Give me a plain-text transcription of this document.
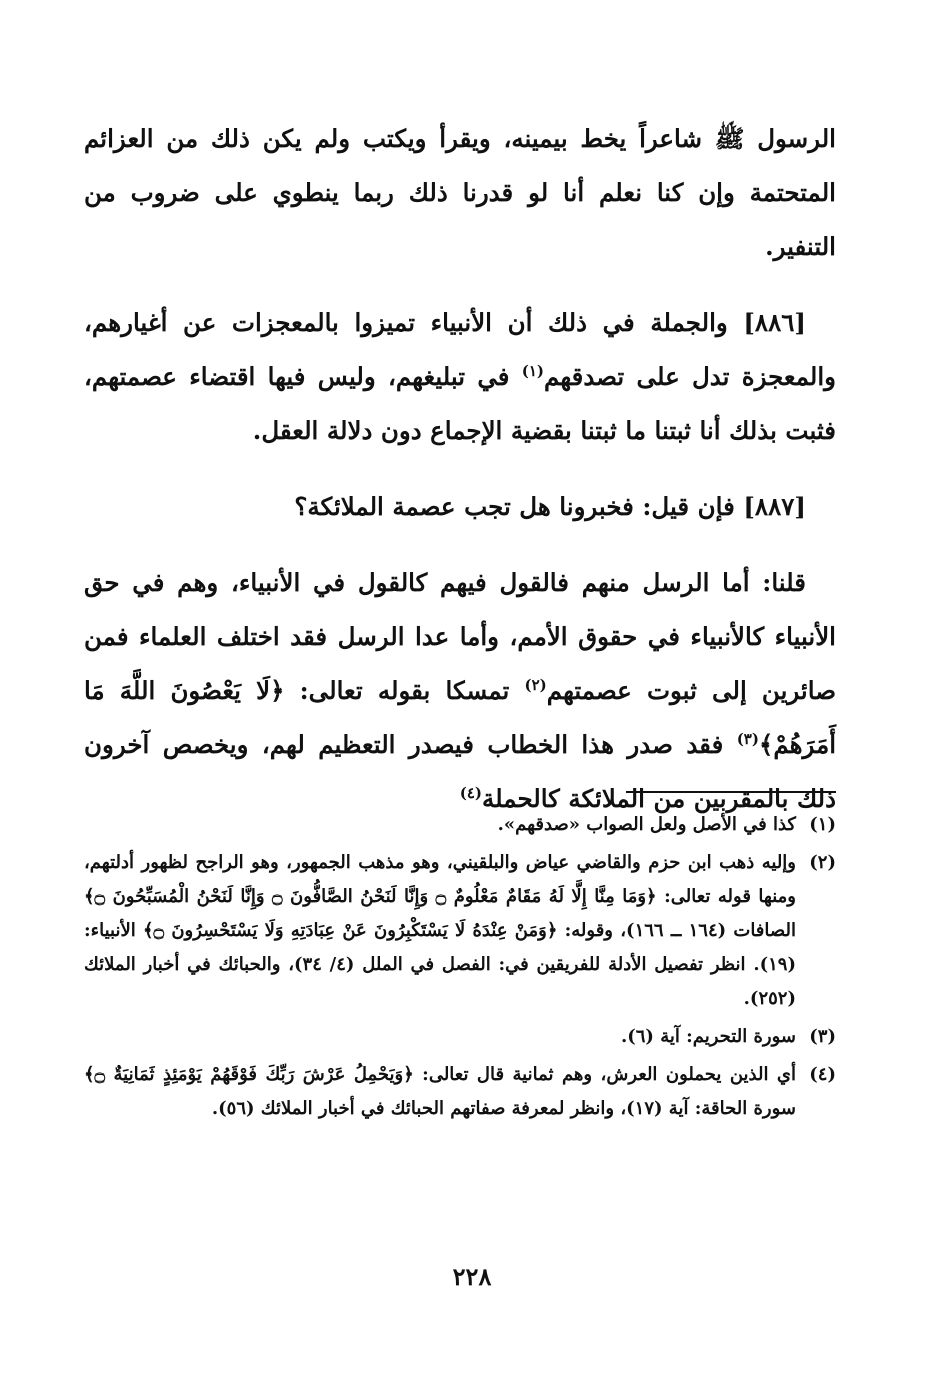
الرسول ﷺ شاعراً يخط بيمينه، ويقرأ ويكتب ولم يكن ذلك من العزائم المتحتمة وإن كنا نعلم أنا لو قدرنا ذلك ربما ينطوي على ضروب من التنفير.

[٨٨٦] والجملة في ذلك أن الأنبياء تميزوا بالمعجزات عن أغيارهم، والمعجزة تدل على تصدقهم$^{(١)}$ في تبليغهم، وليس فيها اقتضاء عصمتهم، فثبت بذلك أنا ثبتنا ما ثبتنا بقضية الإجماع دون دلالة العقل.

[٨٨٧] فإن قيل: فخبرونا هل تجب عصمة الملائكة؟

قلنا: أما الرسل منهم فالقول فيهم كالقول في الأنبياء، وهم في حق الأنبياء كالأنبياء في حقوق الأمم، وأما عدا الرسل فقد اختلف العلماء فمن صائرين إلى ثبوت عصمتهم$^{(٢)}$ تمسكا بقوله تعالى: ﴿لَا يَعْصُونَ اللَّهَ مَا أَمَرَهُمْ﴾$^{(٣)}$ فقد صدر هذا الخطاب فيصدر التعظيم لهم، ويخصص آخرون ذلك بالمقربين من الملائكة كالحملة$^{(٤)}$

(١)
كذا في الأصل ولعل الصواب «صدقهم».
(٢)
وإليه ذهب ابن حزم والقاضي عياض والبلقيني، وهو مذهب الجمهور، وهو الراجح لظهور أدلتهم، ومنها قوله تعالى: ﴿وَمَا مِنَّا إِلَّا لَهُ مَقَامٌ مَعْلُومٌ ۝ وَإِنَّا لَنَحْنُ الصَّافُّونَ ۝ وَإِنَّا لَنَحْنُ الْمُسَبِّحُونَ ۝﴾ الصافات (١٦٤ ــ ١٦٦)، وقوله: ﴿وَمَنْ عِنْدَهُ لَا يَسْتَكْبِرُونَ عَنْ عِبَادَتِهِ وَلَا يَسْتَحْسِرُونَ ۝﴾ الأنبياء: (١٩). انظر تفصيل الأدلة للفريقين في: الفصل في الملل (٤/ ٣٤)، والحبائك في أخبار الملائك (٢٥٢).
(٣)
سورة التحريم: آية (٦).
(٤)
أي الذين يحملون العرش، وهم ثمانية قال تعالى: ﴿وَيَحْمِلُ عَرْشَ رَبِّكَ فَوْقَهُمْ يَوْمَئِذٍ ثَمَانِيَةٌ ۝﴾ سورة الحاقة: آية (١٧)، وانظر لمعرفة صفاتهم الحبائك في أخبار الملائك (٥٦).
٢٢٨
